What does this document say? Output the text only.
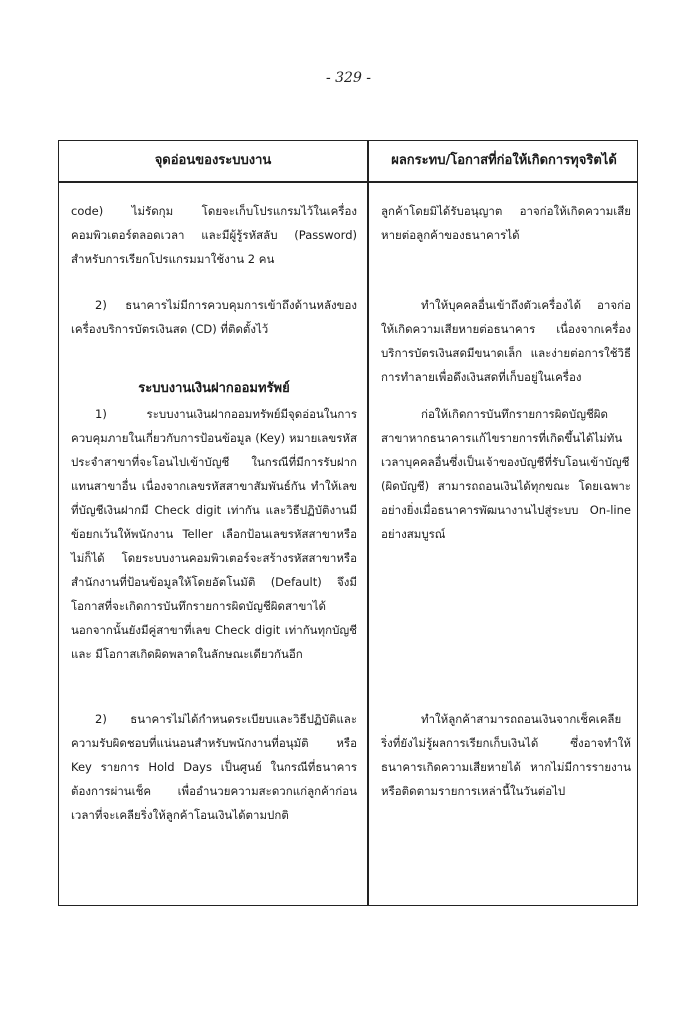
- 329 -
จุดอ่อนของระบบงาน	ผลกระทบ/โอกาสที่ก่อให้เกิดการทุจริตได้

code) ไม่รัดกุม โดยจะเก็บโปรแกรมไว้ในเครื่องคอมพิวเตอร์ตลอดเวลา และมีผู้รู้รหัสลับ (Password) สำหรับการเรียกโปรแกรมมาใช้งาน 2 คน

2) ธนาคารไม่มีการควบคุมการเข้าถึงด้านหลังของเครื่องบริการบัตรเงินสด (CD) ที่ติดตั้งไว้

ระบบงานเงินฝากออมทรัพย์

1) ระบบงานเงินฝากออมทรัพย์มีจุดอ่อนในการควบคุมภายในเกี่ยวกับการป้อนข้อมูล (Key) หมายเลขรหัสประจำสาขาที่จะโอนไปเข้าบัญชี ในกรณีที่มีการรับฝากแทนสาขาอื่น เนื่องจากเลขรหัสสาขาสัมพันธ์กัน ทำให้เลขที่บัญชีเงินฝากมี Check digit เท่ากัน และวิธีปฏิบัติงานมีข้อยกเว้นให้พนักงาน Teller เลือกป้อนเลขรหัสสาขาหรือไม่ก็ได้ โดยระบบงานคอมพิวเตอร์จะสร้างรหัสสาขาหรือสำนักงานที่ป้อนข้อมูลให้โดยอัตโนมัติ (Default) จึงมีโอกาสที่จะเกิดการบันทึกรายการผิดบัญชีผิดสาขาได้ นอกจากนั้นยังมีคู่สาขาที่เลข Check digit เท่ากันทุกบัญชี และ มีโอกาสเกิดผิดพลาดในลักษณะเดียวกันอีก

2) ธนาคารไม่ได้กำหนดระเบียบและวิธีปฏิบัติและความรับผิดชอบที่แน่นอนสำหรับพนักงานที่อนุมัติ หรือ Key รายการ Hold Days เป็นศูนย์ ในกรณีที่ธนาคารต้องการผ่านเช็ค เพื่ออำนวยความสะดวกแก่ลูกค้าก่อนเวลาที่จะเคลียริ่งให้ลูกค้าโอนเงินได้ตามปกติ

ลูกค้าโดยมิได้รับอนุญาต อาจก่อให้เกิดความเสียหายต่อลูกค้าของธนาคารได้

ทำให้บุคคลอื่นเข้าถึงตัวเครื่องได้ อาจก่อให้เกิดความเสียหายต่อธนาคาร เนื่องจากเครื่องบริการบัตรเงินสดมีขนาดเล็ก และง่ายต่อการใช้วิธีการทำลายเพื่อดึงเงินสดที่เก็บอยู่ในเครื่อง

ก่อให้เกิดการบันทึกรายการผิดบัญชีผิดสาขาหากธนาคารแก้ไขรายการที่เกิดขึ้นได้ไม่ทันเวลาบุคคลอื่นซึ่งเป็นเจ้าของบัญชีที่รับโอนเข้าบัญชี (ผิดบัญชี) สามารถถอนเงินได้ทุกขณะ โดยเฉพาะอย่างยิ่งเมื่อธนาคารพัฒนางานไปสู่ระบบ On-line อย่างสมบูรณ์

ทำให้ลูกค้าสามารถถอนเงินจากเช็คเคลียริ่งที่ยังไม่รู้ผลการเรียกเก็บเงินได้ ซึ่งอาจทำให้ธนาคารเกิดความเสียหายได้ หากไม่มีการรายงานหรือติดตามรายการเหล่านี้ในวันต่อไป
